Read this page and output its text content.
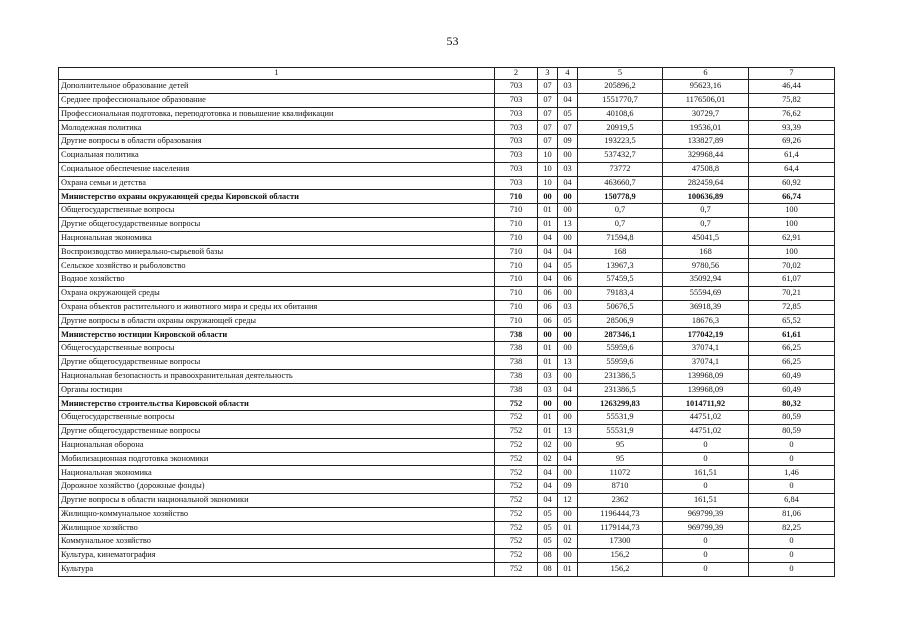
53
1	2	3	4	5	6	7
Дополнительное образование детей	703	07	03	205896,2	95623,16	46,44
Среднее профессиональное образование	703	07	04	1551770,7	1176506,01	75,82
Профессиональная подготовка, переподготовка и повышение квалификации	703	07	05	40108,6	30729,7	76,62
Молодежная политика	703	07	07	20919,5	19536,01	93,39
Другие вопросы в области образования	703	07	09	193223,5	133827,89	69,26
Социальная политика	703	10	00	537432,7	329968,44	61,4
Социальное обеспечение населения	703	10	03	73772	47508,8	64,4
Охрана семьи и детства	703	10	04	463660,7	282459,64	60,92
Министерство охраны окружающей среды Кировской области	710	00	00	150778,9	100636,89	66,74
Общегосударственные вопросы	710	01	00	0,7	0,7	100
Другие общегосударственные вопросы	710	01	13	0,7	0,7	100
Национальная экономика	710	04	00	71594,8	45041,5	62,91
Воспроизводство минерально-сырьевой базы	710	04	04	168	168	100
Сельское хозяйство и рыболовство	710	04	05	13967,3	9780,56	70,02
Водное хозяйство	710	04	06	57459,5	35092,94	61,07
Охрана окружающей среды	710	06	00	79183,4	55594,69	70,21
Охрана объектов растительного и животного мира и среды их обитания	710	06	03	50676,5	36918,39	72,85
Другие вопросы в области охраны окружающей среды	710	06	05	28506,9	18676,3	65,52
Министерство юстиции Кировской области	738	00	00	287346,1	177042,19	61,61
Общегосударственные вопросы	738	01	00	55959,6	37074,1	66,25
Другие общегосударственные вопросы	738	01	13	55959,6	37074,1	66,25
Национальная безопасность и правоохранительная деятельность	738	03	00	231386,5	139968,09	60,49
Органы юстиции	738	03	04	231386,5	139968,09	60,49
Министерство строительства Кировской области	752	00	00	1263299,83	1014711,92	80,32
Общегосударственные вопросы	752	01	00	55531,9	44751,02	80,59
Другие общегосударственные вопросы	752	01	13	55531,9	44751,02	80,59
Национальная оборона	752	02	00	95	0	0
Мобилизационная подготовка экономики	752	02	04	95	0	0
Национальная экономика	752	04	00	11072	161,51	1,46
Дорожное хозяйство (дорожные фонды)	752	04	09	8710	0	0
Другие вопросы в области национальной экономики	752	04	12	2362	161,51	6,84
Жилищно-коммунальное хозяйство	752	05	00	1196444,73	969799,39	81,06
Жилищное хозяйство	752	05	01	1179144,73	969799,39	82,25
Коммунальное хозяйство	752	05	02	17300	0	0
Культура, кинематография	752	08	00	156,2	0	0
Культура	752	08	01	156,2	0	0
